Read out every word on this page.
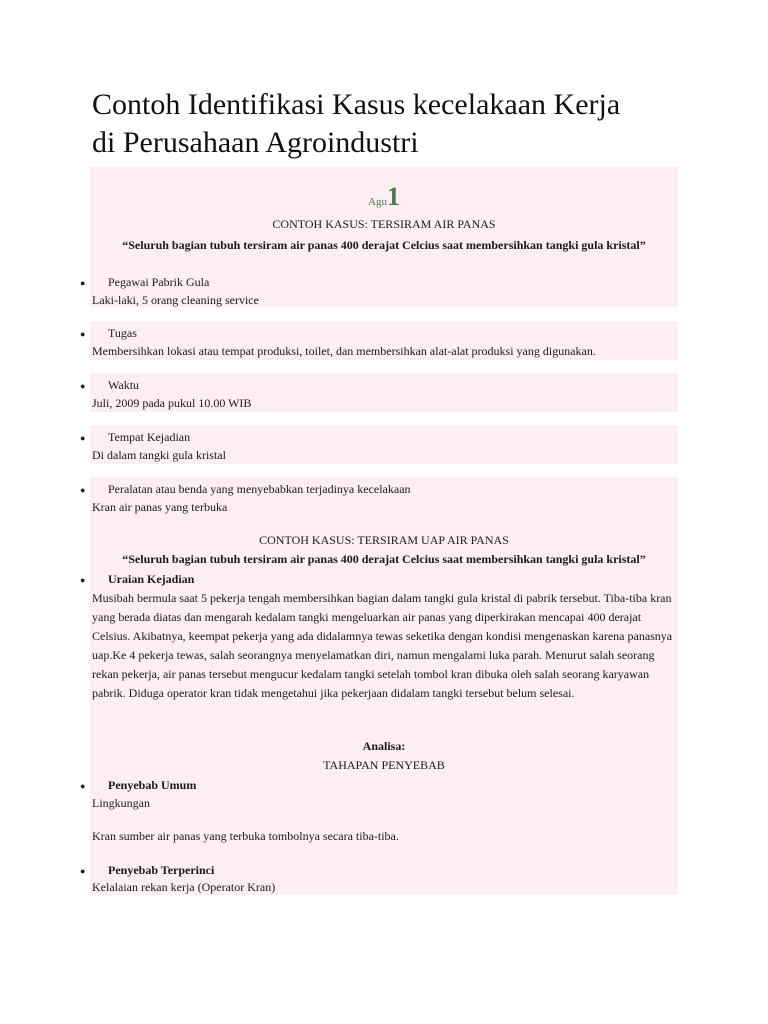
Contoh Identifikasi Kasus kecelakaan Kerja
di Perusahaan Agroindustri
Agu1
CONTOH KASUS: TERSIRAM AIR PANAS
“Seluruh bagian tubuh tersiram air panas 400 derajat Celcius saat membersihkan tangki gula kristal”
● Pegawai Pabrik Gula
Laki-laki, 5 orang cleaning service
● Tugas
Membersihkan lokasi atau tempat produksi, toilet, dan membersihkan alat-alat produksi yang digunakan.
● Waktu
Juli, 2009 pada pukul 10.00 WIB
● Tempat Kejadian
Di dalam tangki gula kristal
● Peralatan atau benda yang menyebabkan terjadinya kecelakaan
Kran air panas yang terbuka
CONTOH KASUS: TERSIRAM UAP AIR PANAS
“Seluruh bagian tubuh tersiram air panas 400 derajat Celcius saat membersihkan tangki gula kristal”
● Uraian Kejadian
Musibah bermula saat 5 pekerja tengah membersihkan bagian dalam tangki gula kristal di pabrik tersebut. Tiba-tiba kran yang berada diatas dan mengarah kedalam tangki mengeluarkan air panas yang diperkirakan mencapai 400 derajat Celsius. Akibatnya, keempat pekerja yang ada didalamnya tewas seketika dengan kondisi mengenaskan karena panasnya uap.Ke 4 pekerja tewas, salah seorangnya menyelamatkan diri, namun mengalami luka parah. Menurut salah seorang rekan pekerja, air panas tersebut mengucur kedalam tangki setelah tombol kran dibuka oleh salah seorang karyawan pabrik. Diduga operator kran tidak mengetahui jika pekerjaan didalam tangki tersebut belum selesai.
Analisa:
TAHAPAN PENYEBAB
● Penyebab Umum
Lingkungan
Kran sumber air panas yang terbuka tombolnya secara tiba-tiba.
● Penyebab Terperinci
Kelalaian rekan kerja (Operator Kran)
